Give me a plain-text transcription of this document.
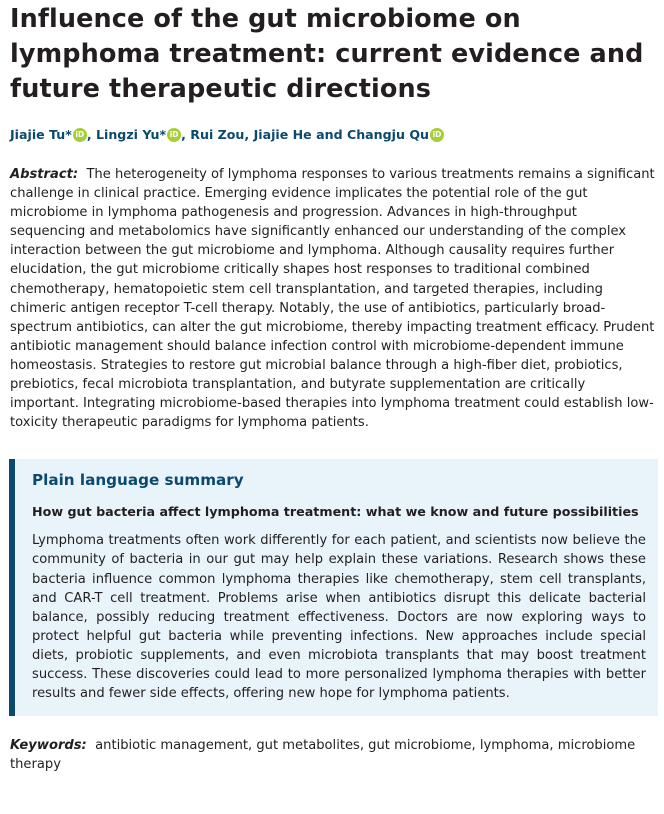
Influence of the gut microbiome on lymphoma treatment: current evidence and future therapeutic directions
Jiajie Tu* iD , Lingzi Yu* iD , Rui Zou, Jiajie He and Changju Qu iD
Abstract: The heterogeneity of lymphoma responses to various treatments remains a significant challenge in clinical practice. Emerging evidence implicates the potential role of the gut microbiome in lymphoma pathogenesis and progression. Advances in high-throughput sequencing and metabolomics have significantly enhanced our understanding of the complex interaction between the gut microbiome and lymphoma. Although causality requires further elucidation, the gut microbiome critically shapes host responses to traditional combined chemotherapy, hematopoietic stem cell transplantation, and targeted therapies, including chimeric antigen receptor T-cell therapy. Notably, the use of antibiotics, particularly broad-spectrum antibiotics, can alter the gut microbiome, thereby impacting treatment efficacy. Prudent antibiotic management should balance infection control with microbiome-dependent immune homeostasis. Strategies to restore gut microbial balance through a high-fiber diet, probiotics, prebiotics, fecal microbiota transplantation, and butyrate supplementation are critically important. Integrating microbiome-based therapies into lymphoma treatment could establish low-toxicity therapeutic paradigms for lymphoma patients.
Plain language summary
How gut bacteria affect lymphoma treatment: what we know and future possibilities

Lymphoma treatments often work differently for each patient, and scientists now believe the community of bacteria in our gut may help explain these variations. Research shows these bacteria influence common lymphoma therapies like chemotherapy, stem cell transplants, and CAR-T cell treatment. Problems arise when antibiotics disrupt this delicate bacterial balance, possibly reducing treatment effectiveness. Doctors are now exploring ways to protect helpful gut bacteria while preventing infections. New approaches include special diets, probiotic supplements, and even microbiota transplants that may boost treatment success. These discoveries could lead to more personalized lymphoma therapies with better results and fewer side effects, offering new hope for lymphoma patients.

Keywords: antibiotic management, gut metabolites, gut microbiome, lymphoma, microbiome therapy
